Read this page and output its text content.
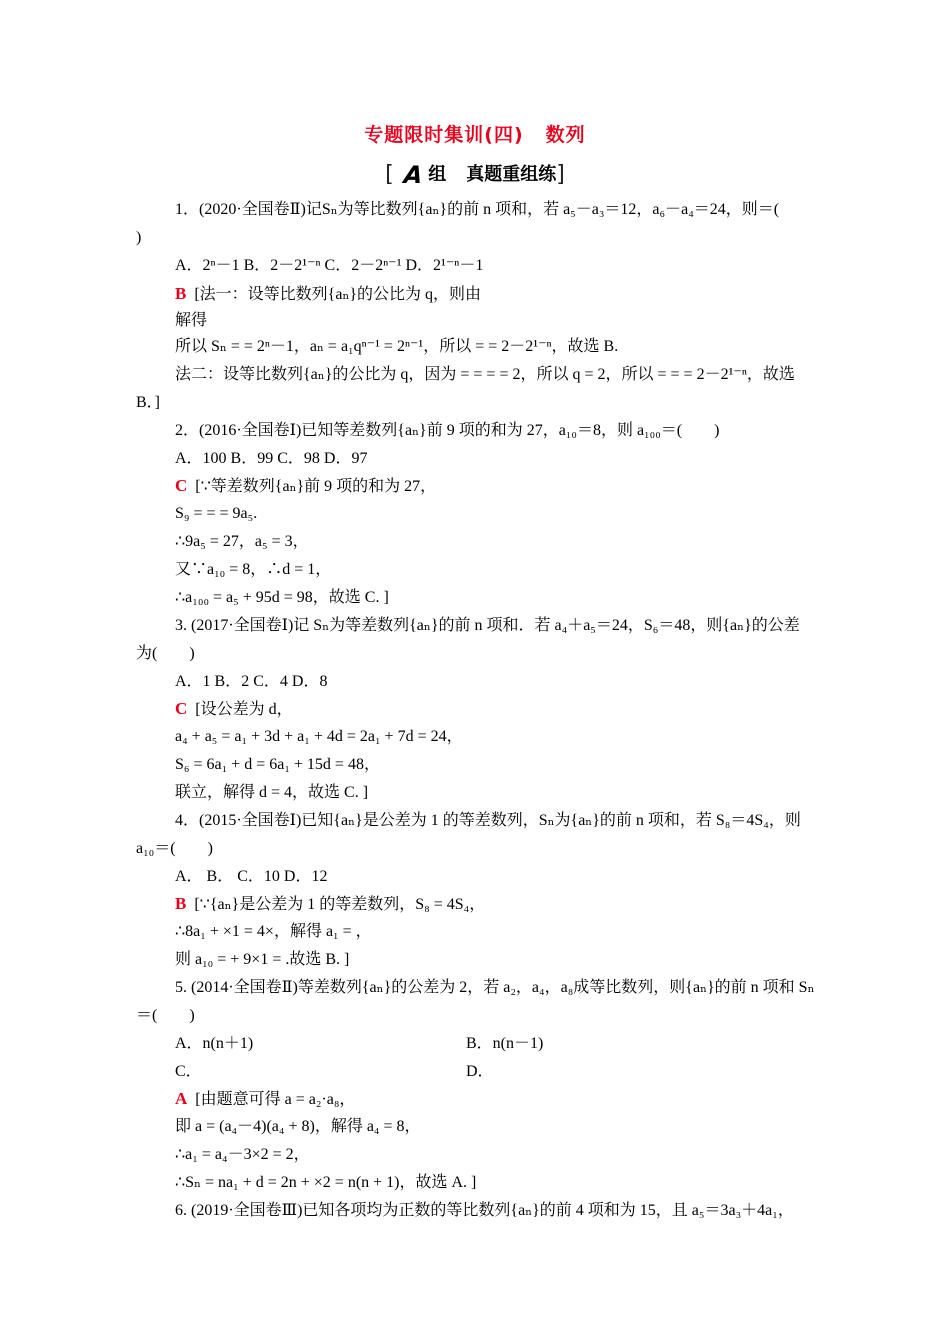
专题限时集训(四) 数列
[ A 组 真题重组练]
1．(2020·全国卷Ⅱ)记Sₙ为等比数列{aₙ}的前 n 项和，若 a₅－a₃＝12，a₆－a₄＝24，则＝(
)
A．2ⁿ－1 B．2－2¹⁻ⁿ C．2－2ⁿ⁻¹ D．2¹⁻ⁿ－1
B [法一：设等比数列{aₙ}的公比为 q，则由
解得
所以 Sₙ = = 2ⁿ－1，aₙ = a₁qⁿ⁻¹ = 2ⁿ⁻¹，所以 = = 2－2¹⁻ⁿ，故选 B.
法二：设等比数列{aₙ}的公比为 q，因为 = = = = 2，所以 q = 2，所以 = = = 2－2¹⁻ⁿ，故选
B．]
2．(2016·全国卷Ⅰ)已知等差数列{aₙ}前 9 项的和为 27，a₁₀＝8，则 a₁₀₀＝(　　)
A．100 B．99 C．98 D．97
C [∵等差数列{aₙ}前 9 项的和为 27，
S₉ = = = 9a₅.
∴9a₅ = 27，a₅ = 3，
又∵a₁₀ = 8，∴d = 1，
∴a₁₀₀ = a₅ + 95d = 98，故选 C. ]
3. (2017·全国卷Ⅰ)记 Sₙ为等差数列{aₙ}的前 n 项和．若 a₄＋a₅＝24，S₆＝48，则{aₙ}的公差
为(　　)
A．1 B．2 C．4 D．8
C [设公差为 d，
a₄ + a₅ = a₁ + 3d + a₁ + 4d = 2a₁ + 7d = 24，
S₆ = 6a₁ + d = 6a₁ + 15d = 48，
联立，解得 d = 4，故选 C. ]
4．(2015·全国卷Ⅰ)已知{aₙ}是公差为 1 的等差数列，Sₙ为{aₙ}的前 n 项和，若 S₈＝4S₄，则
a₁₀＝(　　)
A． B． C．10 D．12
B [∵{aₙ}是公差为 1 的等差数列，S₈ = 4S₄，
∴8a₁ + ×1 = 4×，解得 a₁ = ，
则 a₁₀ = + 9×1 = .故选 B. ]
5. (2014·全国卷Ⅱ)等差数列{aₙ}的公差为 2，若 a₂，a₄，a₈成等比数列，则{aₙ}的前 n 项和 Sₙ
＝(　　)
A．n(n＋1)	B．n(n－1)
C．	D．
A [由题意可得 a = a₂·a₈，
即 a = (a₄－4)(a₄ + 8)，解得 a₄ = 8，
∴a₁ = a₄－3×2 = 2，
∴Sₙ = na₁ + d = 2n + ×2 = n(n + 1)，故选 A. ]
6. (2019·全国卷Ⅲ)已知各项均为正数的等比数列{aₙ}的前 4 项和为 15，且 a₅＝3a₃＋4a₁，
